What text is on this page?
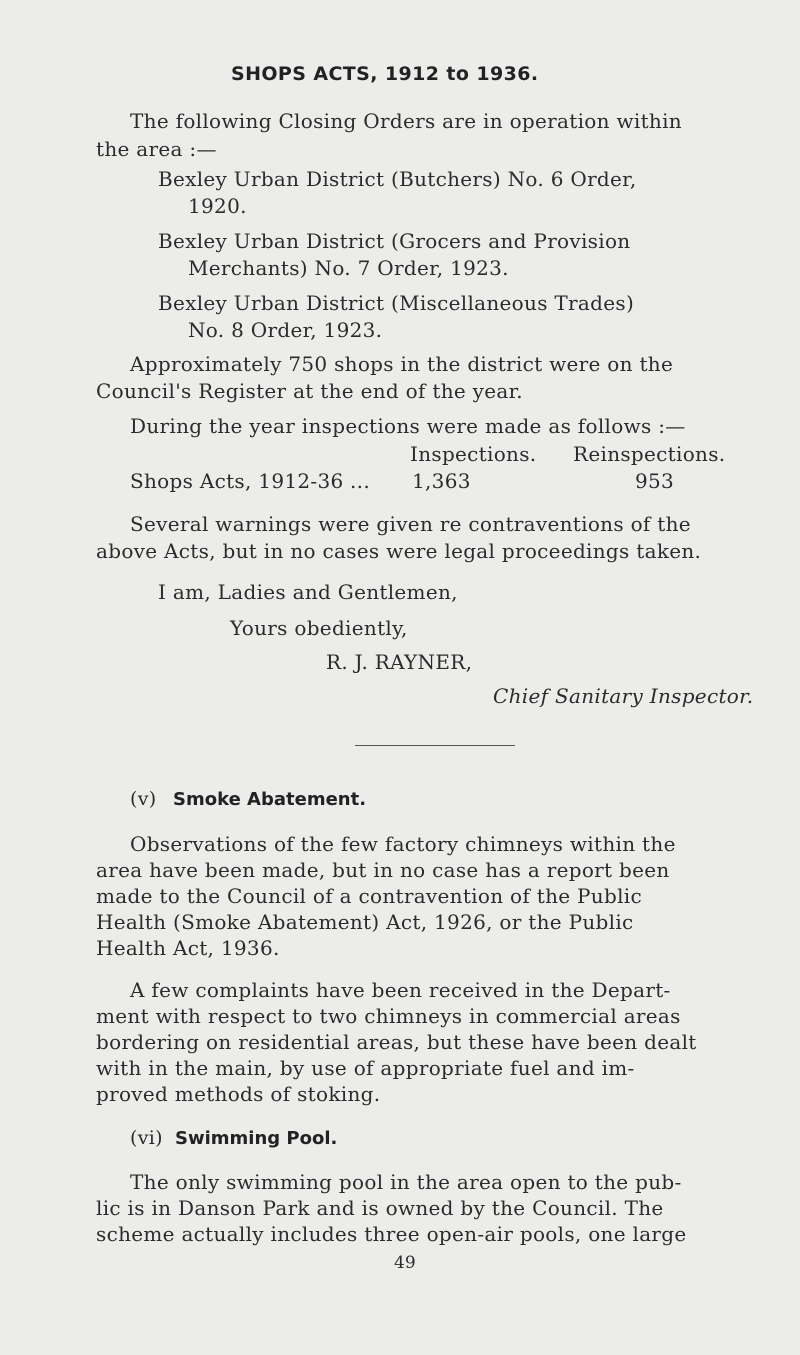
SHOPS ACTS, 1912 to 1936.
The following Closing Orders are in operation within
the area :—
Bexley Urban District (Butchers) No. 6 Order,
1920.
Bexley Urban District (Grocers and Provision
Merchants) No. 7 Order, 1923.
Bexley Urban District (Miscellaneous Trades)
No. 8 Order, 1923.
Approximately 750 shops in the district were on the
Council's Register at the end of the year.
During the year inspections were made as follows :—
Inspections. Reinspections.
Shops Acts, 1912-36 ... 1,363	953
Several warnings were given re contraventions of the
above Acts, but in no cases were legal proceedings taken.
I am, Ladies and Gentlemen,
Yours obediently,
R. J. RAYNER,
Chief Sanitary Inspector.
(v) Smoke Abatement.
Observations of the few factory chimneys within the
area have been made, but in no case has a report been
made to the Council of a contravention of the Public
Health (Smoke Abatement) Act, 1926, or the Public
Health Act, 1936.
A few complaints have been received in the Depart-
ment with respect to two chimneys in commercial areas
bordering on residential areas, but these have been dealt
with in the main, by use of appropriate fuel and im-
proved methods of stoking.
(vi) Swimming Pool.
The only swimming pool in the area open to the pub-
lic is in Danson Park and is owned by the Council. The
scheme actually includes three open-air pools, one large
49
